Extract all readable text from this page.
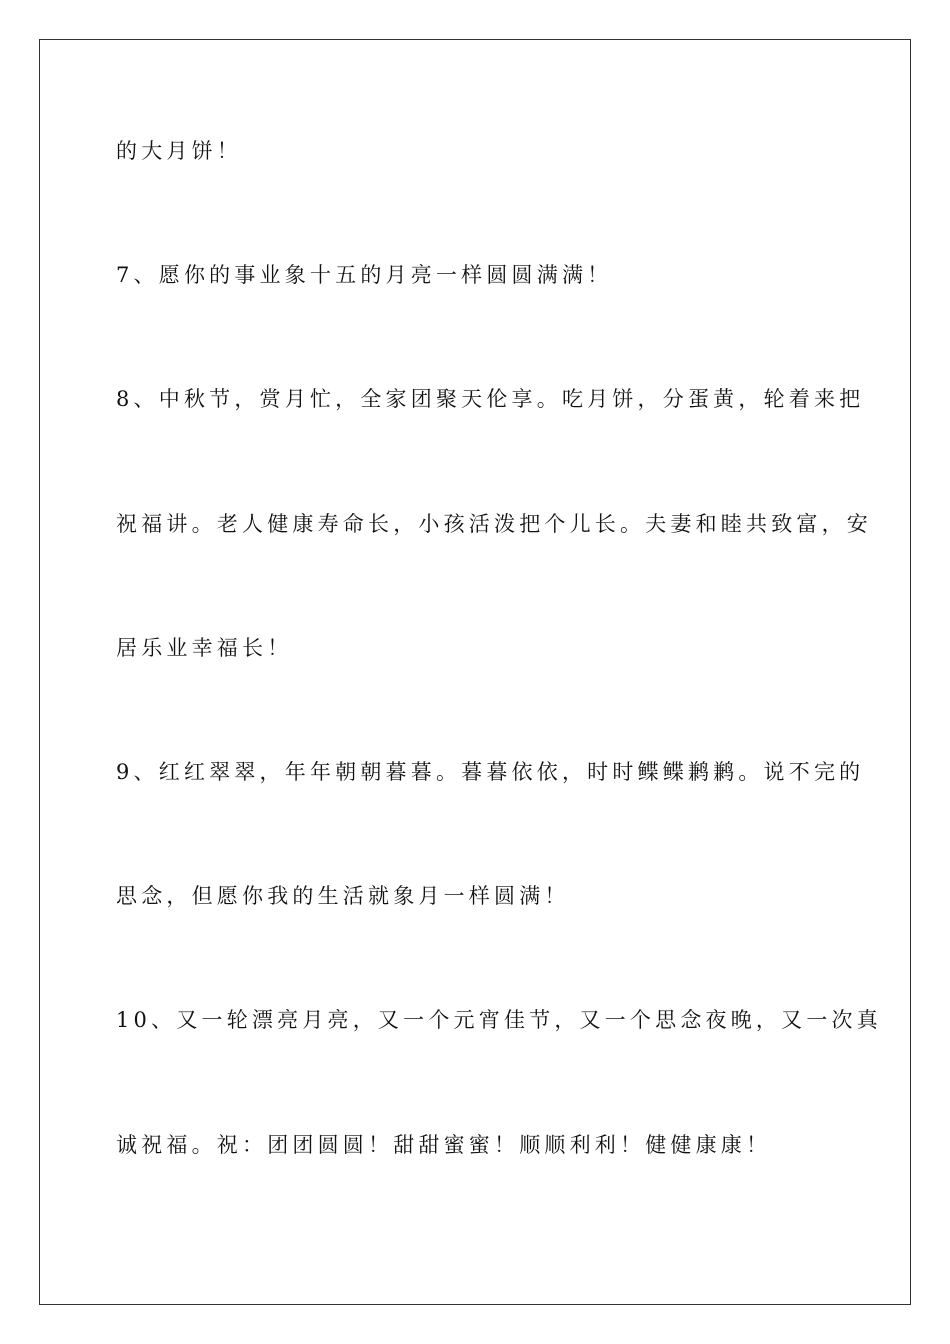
的大月饼！
7、愿你的事业象十五的月亮一样圆圆满满！
8、中秋节，赏月忙，全家团聚天伦享。吃月饼，分蛋黄，轮着来把
祝福讲。老人健康寿命长，小孩活泼把个儿长。夫妻和睦共致富，安
居乐业幸福长！
9、红红翠翠，年年朝朝暮暮。暮暮依依，时时鲽鲽鹣鹣。说不完的
思念，但愿你我的生活就象月一样圆满！
10、又一轮漂亮月亮，又一个元宵佳节，又一个思念夜晚，又一次真
诚祝福。祝：团团圆圆！甜甜蜜蜜！顺顺利利！健健康康！
